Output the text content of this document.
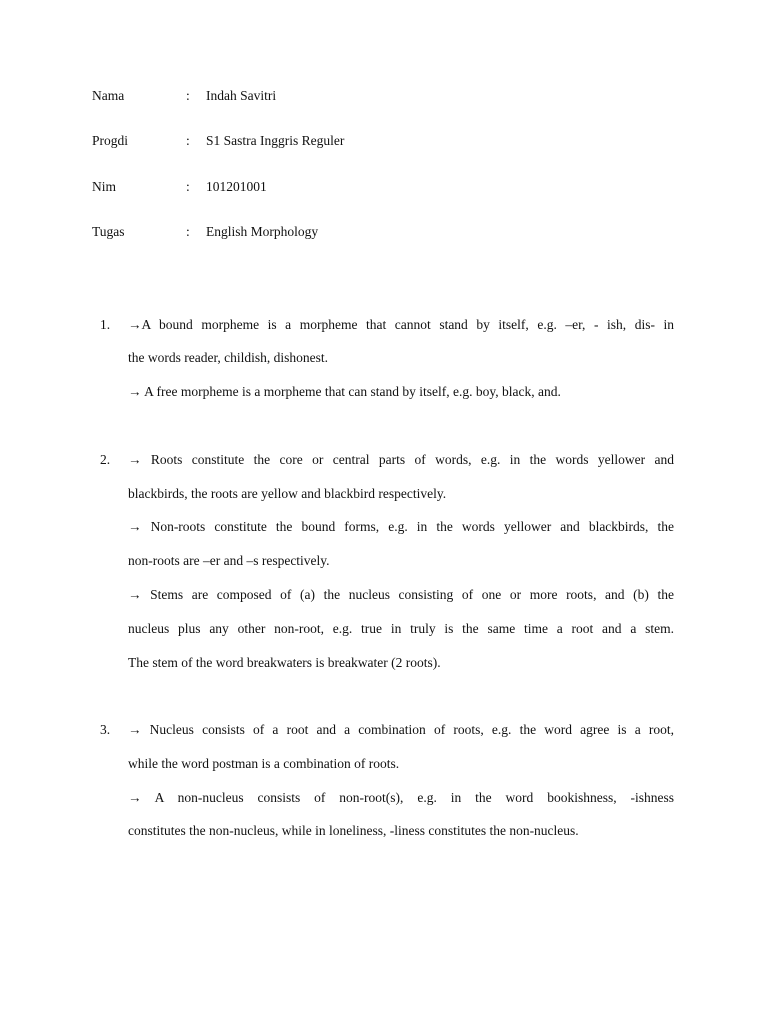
Nama	: Indah Savitri
Progdi	: S1 Sastra Inggris Reguler
Nim	: 101201001
Tugas	: English Morphology
1. →A bound morpheme is a morpheme that cannot stand by itself, e.g. –er, - ish, dis- in
the words reader, childish, dishonest.
→ A free morpheme is a morpheme that can stand by itself, e.g. boy, black, and.
2. → Roots constitute the core or central parts of words, e.g. in the words yellower and
blackbirds, the roots are yellow and blackbird respectively.
→ Non-roots constitute the bound forms, e.g. in the words yellower and blackbirds, the
non-roots are –er and –s respectively.
→ Stems are composed of (a) the nucleus consisting of one or more roots, and (b) the
nucleus plus any other non-root, e.g. true in truly is the same time a root and a stem.
The stem of the word breakwaters is breakwater (2 roots).
3. → Nucleus consists of a root and a combination of roots, e.g. the word agree is a root,
while the word postman is a combination of roots.
→ A non-nucleus consists of non-root(s), e.g. in the word bookishness, -ishness
constitutes the non-nucleus, while in loneliness, -liness constitutes the non-nucleus.
